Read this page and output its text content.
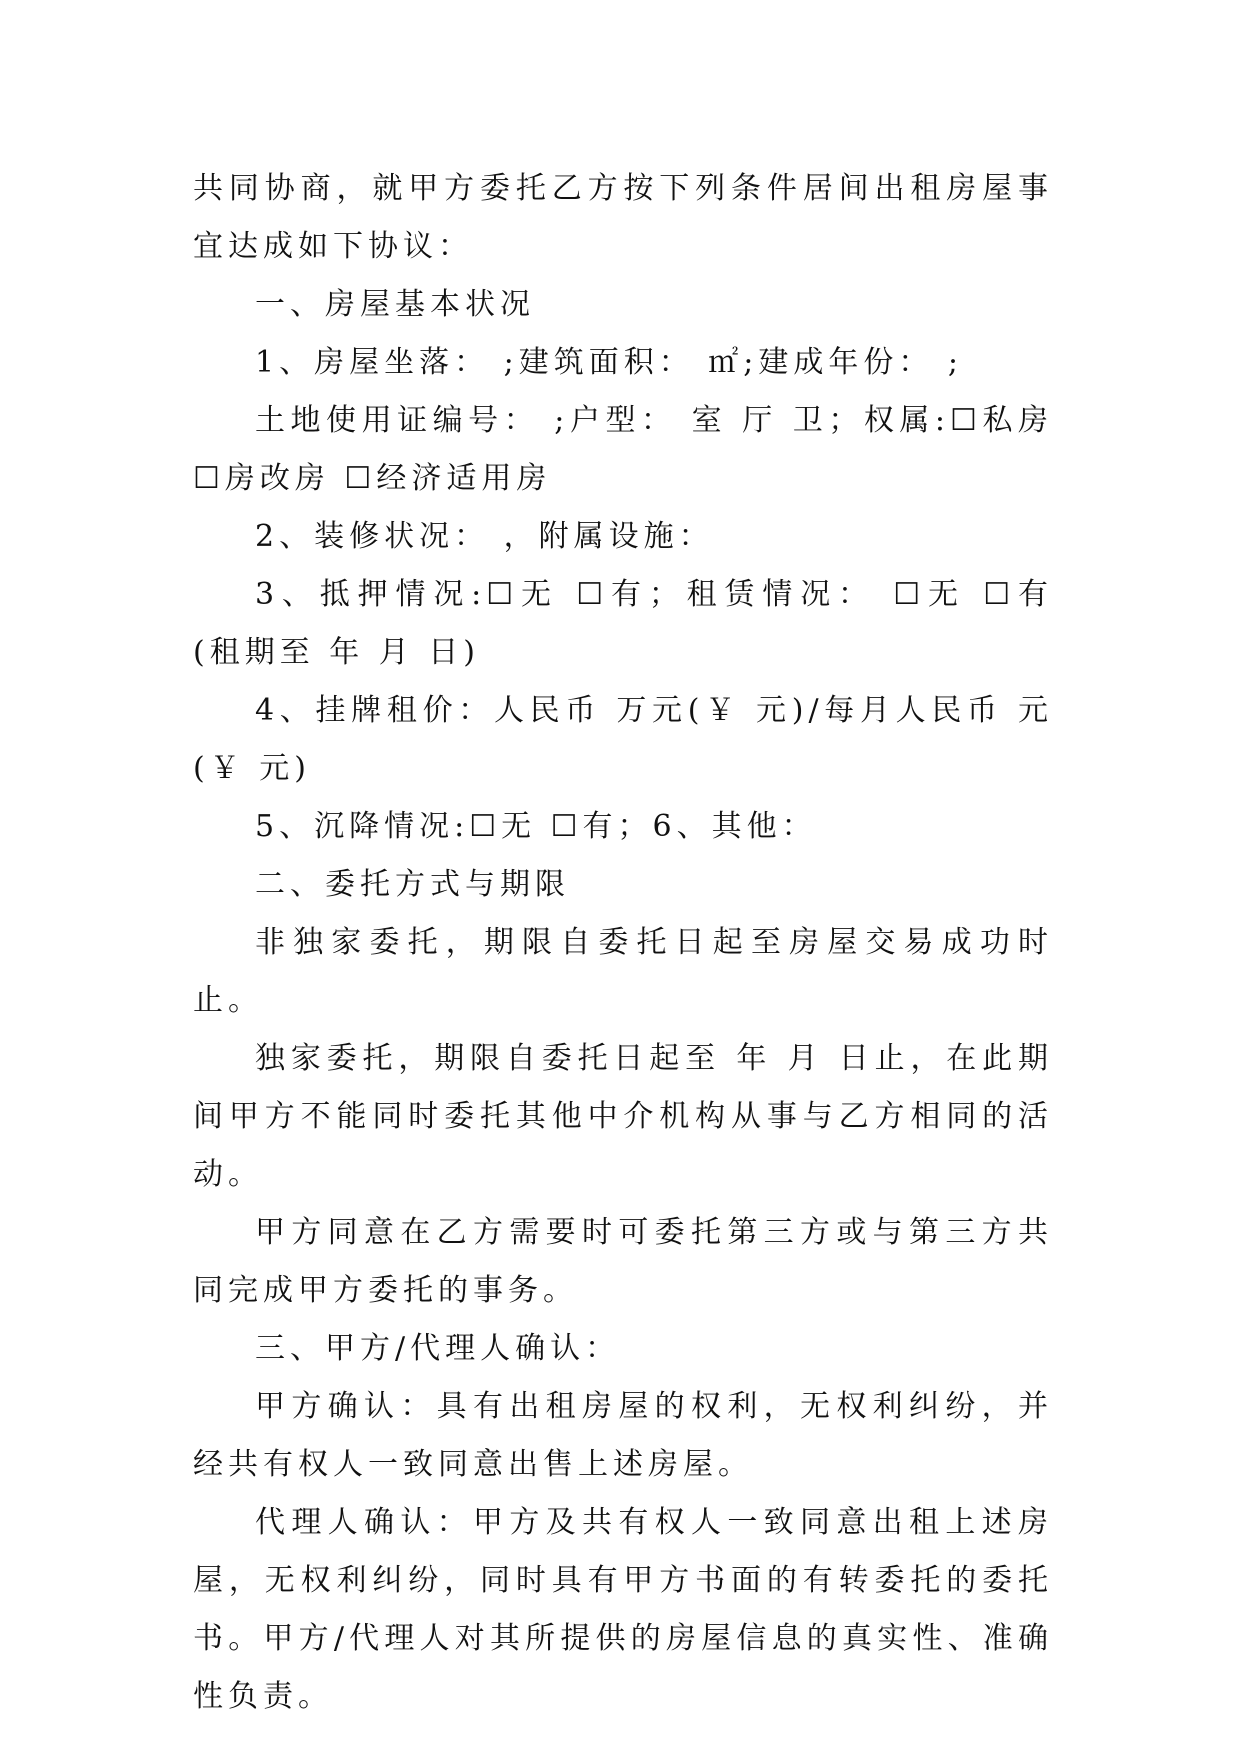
共同协商，就甲方委托乙方按下列条件居间出租房屋事宜达成如下协议：

一、房屋基本状况

1、房屋坐落： ;建筑面积： ㎡;建成年份： ;

土地使用证编号： ;户型： 室 厅 卫；权属:☐私房 ☐房改房 ☐经济适用房

2、装修状况： ，附属设施：

3、抵押情况:☐无 ☐有；租赁情况： ☐无 ☐有 (租期至 年 月 日)

4、挂牌租价：人民币 万元(￥ 元)/每月人民币 元(￥ 元)

5、沉降情况:☐无 ☐有；6、其他：

二、委托方式与期限

非独家委托，期限自委托日起至房屋交易成功时止。

独家委托，期限自委托日起至 年 月 日止，在此期间甲方不能同时委托其他中介机构从事与乙方相同的活动。

甲方同意在乙方需要时可委托第三方或与第三方共同完成甲方委托的事务。

三、甲方/代理人确认：

甲方确认：具有出租房屋的权利，无权利纠纷，并经共有权人一致同意出售上述房屋。

代理人确认：甲方及共有权人一致同意出租上述房屋，无权利纠纷，同时具有甲方书面的有转委托的委托书。甲方/代理人对其所提供的房屋信息的真实性、准确性负责。
